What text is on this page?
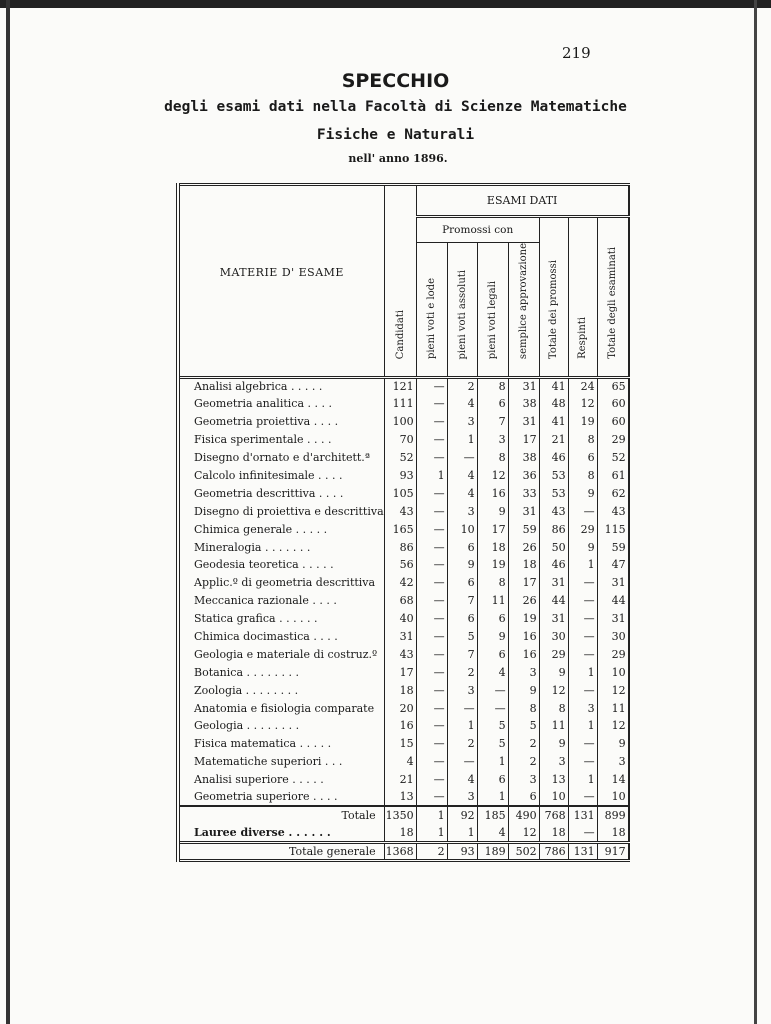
219
SPECCHIO
degli esami dati nella Facoltà di Scienze Matematiche
Fisiche e Naturali
nell' anno 1896.
MATERIE D' ESAME	Candidati	ESAMI DATI						
		Promossi con				Totale dei promossi	Respinti	Totale degli esaminati

		pieni voti e lode	pieni voti assoluti	pieni voti legali	semplice approvazione			

Analisi algebrica . . . . .	121	—	2	8	31	41	24	65
Geometria analitica . . . .	111	—	4	6	38	48	12	60
Geometria proiettiva . . . .	100	—	3	7	31	41	19	60
Fisica sperimentale . . . .	70	—	1	3	17	21	8	29
Disegno d'ornato e d'architett.ª	52	—	—	8	38	46	6	52
Calcolo infinitesimale . . . .	93	1	4	12	36	53	8	61
Geometria descrittiva . . . .	105	—	4	16	33	53	9	62
Disegno di proiettiva e descrittiva	43	—	3	9	31	43	—	43
Chimica generale . . . . .	165	—	10	17	59	86	29	115
Mineralogia . . . . . . .	86	—	6	18	26	50	9	59
Geodesia teoretica . . . . .	56	—	9	19	18	46	1	47
Applic.º di geometria descrittiva	42	—	6	8	17	31	—	31
Meccanica razionale . . . .	68	—	7	11	26	44	—	44
Statica grafica . . . . . .	40	—	6	6	19	31	—	31
Chimica docimastica . . . .	31	—	5	9	16	30	—	30
Geologia e materiale di costruz.º	43	—	7	6	16	29	—	29
Botanica . . . . . . . .	17	—	2	4	3	9	1	10
Zoologia . . . . . . . .	18	—	3	—	9	12	—	12
Anatomia e fisiologia comparate	20	—	—	—	8	8	3	11
Geologia . . . . . . . .	16	—	1	5	5	11	1	12
Fisica matematica . . . . .	15	—	2	5	2	9	—	9
Matematiche superiori . . .	4	—	—	1	2	3	—	3
Analisi superiore . . . . .	21	—	4	6	3	13	1	14
Geometria superiore . . . .	13	—	3	1	6	10	—	10
Totale	1350	1	92	185	490	768	131	899
Lauree diverse . . . . . .	18	1	1	4	12	18	—	18
Totale generale	1368	2	93	189	502	786	131	917
